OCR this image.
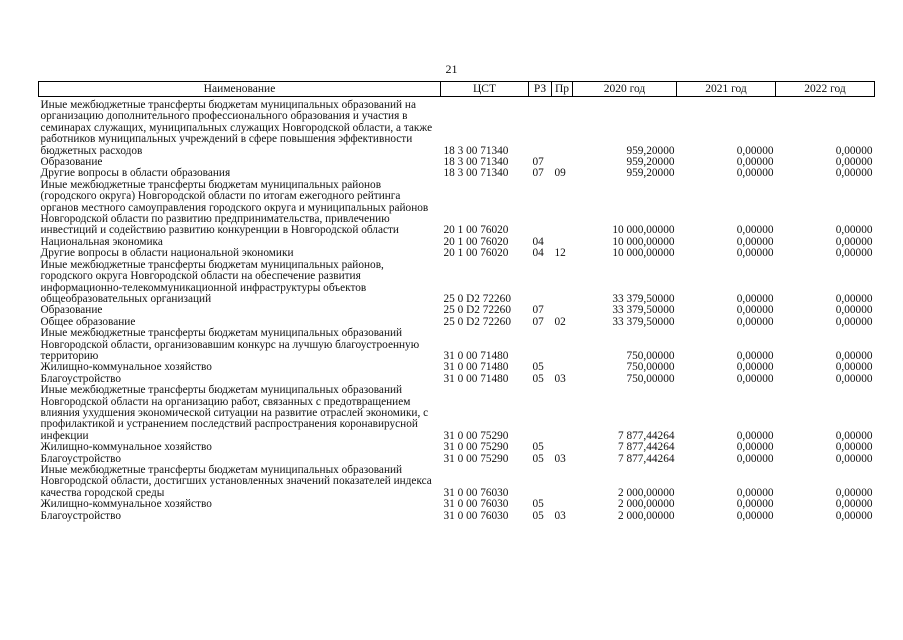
21
Наименование	ЦСТ	РЗ	Пр	2020 год	2021 год	2022 год
Иные межбюджетные трансферты бюджетам муниципальных образований на организацию дополнительного профессионального образования и участия в семинарах служащих, муниципальных служащих Новгородской области, а также работников муниципальных учреждений в сфере повышения эффективности бюджетных расходов	18 3 00 71340			959,20000	0,00000	0,00000
Образование	18 3 00 71340	07		959,20000	0,00000	0,00000
Другие вопросы в области образования	18 3 00 71340	07	09	959,20000	0,00000	0,00000
Иные межбюджетные трансферты бюджетам муниципальных районов (городского округа) Новгородской области по итогам ежегодного рейтинга органов местного самоуправления городского округа и муниципальных районов Новгородской области по развитию предпринимательства, привлечению инвестиций и содействию развитию конкуренции в Новгородской области	20 1 00 76020			10 000,00000	0,00000	0,00000
Национальная экономика	20 1 00 76020	04		10 000,00000	0,00000	0,00000
Другие вопросы в области национальной экономики	20 1 00 76020	04	12	10 000,00000	0,00000	0,00000
Иные межбюджетные трансферты бюджетам муниципальных районов, городского округа Новгородской области на обеспечение развития информационно-телекоммуникационной инфраструктуры объектов общеобразовательных организаций	25 0 D2 72260			33 379,50000	0,00000	0,00000
Образование	25 0 D2 72260	07		33 379,50000	0,00000	0,00000
Общее образование	25 0 D2 72260	07	02	33 379,50000	0,00000	0,00000
Иные межбюджетные трансферты бюджетам муниципальных образований Новгородской области, организовавшим конкурс на лучшую благоустроенную территорию	31 0 00 71480			750,00000	0,00000	0,00000
Жилищно-коммунальное хозяйство	31 0 00 71480	05		750,00000	0,00000	0,00000
Благоустройство	31 0 00 71480	05	03	750,00000	0,00000	0,00000
Иные межбюджетные трансферты бюджетам муниципальных образований Новгородской области на организацию работ, связанных с предотвращением влияния ухудшения экономической ситуации на развитие отраслей экономики, с профилактикой и устранением последствий распространения коронавирусной инфекции	31 0 00 75290			7 877,44264	0,00000	0,00000
Жилищно-коммунальное хозяйство	31 0 00 75290	05		7 877,44264	0,00000	0,00000
Благоустройство	31 0 00 75290	05	03	7 877,44264	0,00000	0,00000
Иные межбюджетные трансферты бюджетам муниципальных образований Новгородской области, достигших установленных значений показателей индекса качества городской среды	31 0 00 76030			2 000,00000	0,00000	0,00000
Жилищно-коммунальное хозяйство	31 0 00 76030	05		2 000,00000	0,00000	0,00000
Благоустройство	31 0 00 76030	05	03	2 000,00000	0,00000	0,00000
